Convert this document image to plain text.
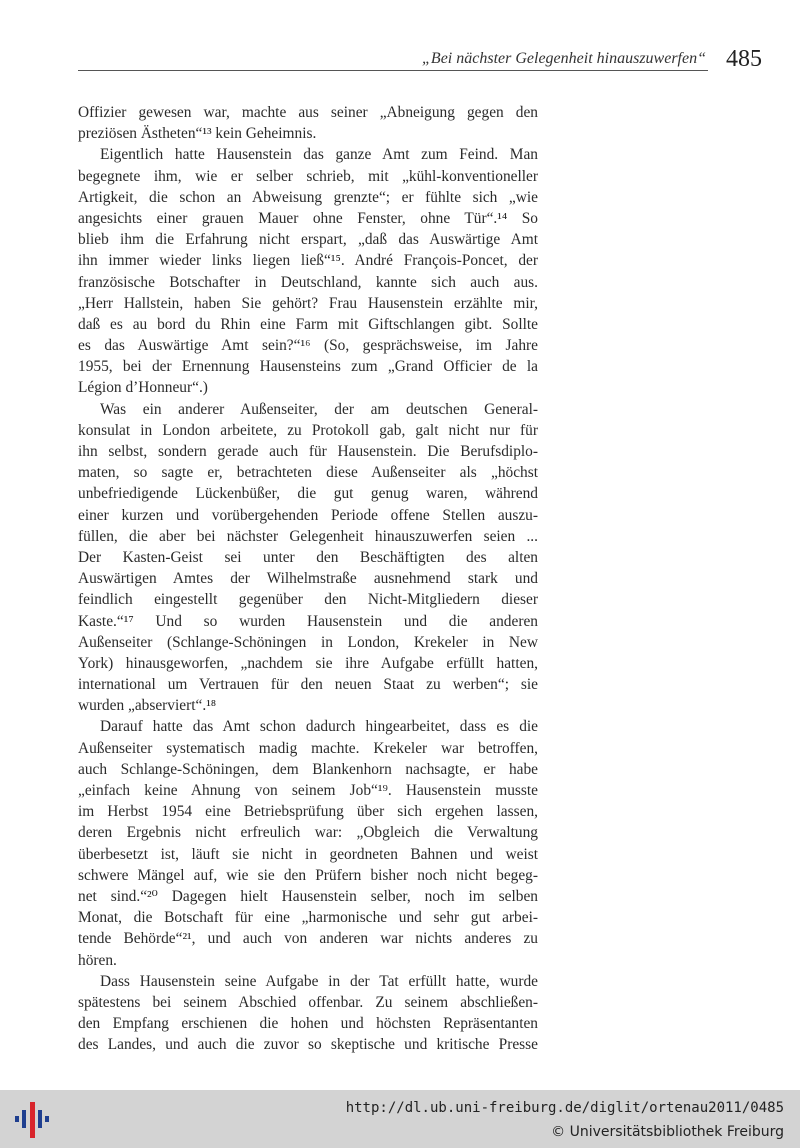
„Bei nächster Gelegenheit hinauszuwerfen“ 485
Offizier gewesen war, machte aus seiner „Abneigung gegen den
preziösen Ästheten“¹³ kein Geheimnis.
Eigentlich hatte Hausenstein das ganze Amt zum Feind. Man
begegnete ihm, wie er selber schrieb, mit „kühl-konventioneller
Artigkeit, die schon an Abweisung grenzte“; er fühlte sich „wie
angesichts einer grauen Mauer ohne Fenster, ohne Tür“.¹⁴ So
blieb ihm die Erfahrung nicht erspart, „daß das Auswärtige Amt
ihn immer wieder links liegen ließ“¹⁵. André François-Poncet, der
französische Botschafter in Deutschland, kannte sich auch aus.
„Herr Hallstein, haben Sie gehört? Frau Hausenstein erzählte mir,
daß es au bord du Rhin eine Farm mit Giftschlangen gibt. Sollte
es das Auswärtige Amt sein?“¹⁶ (So, gesprächsweise, im Jahre
1955, bei der Ernennung Hausensteins zum „Grand Officier de la
Légion d’Honneur“.)
Was ein anderer Außenseiter, der am deutschen General-
konsulat in London arbeitete, zu Protokoll gab, galt nicht nur für
ihn selbst, sondern gerade auch für Hausenstein. Die Berufsdiplo-
maten, so sagte er, betrachteten diese Außenseiter als „höchst
unbefriedigende Lückenbüßer, die gut genug waren, während
einer kurzen und vorübergehenden Periode offene Stellen auszu-
füllen, die aber bei nächster Gelegenheit hinauszuwerfen seien ...
Der Kasten-Geist sei unter den Beschäftigten des alten
Auswärtigen Amtes der Wilhelmstraße ausnehmend stark und
feindlich eingestellt gegenüber den Nicht-Mitgliedern dieser
Kaste.“¹⁷ Und so wurden Hausenstein und die anderen
Außenseiter (Schlange-Schöningen in London, Krekeler in New
York) hinausgeworfen, „nachdem sie ihre Aufgabe erfüllt hatten,
international um Vertrauen für den neuen Staat zu werben“; sie
wurden „abserviert“.¹⁸
Darauf hatte das Amt schon dadurch hingearbeitet, dass es die
Außenseiter systematisch madig machte. Krekeler war betroffen,
auch Schlange-Schöningen, dem Blankenhorn nachsagte, er habe
„einfach keine Ahnung von seinem Job“¹⁹. Hausenstein musste
im Herbst 1954 eine Betriebsprüfung über sich ergehen lassen,
deren Ergebnis nicht erfreulich war: „Obgleich die Verwaltung
überbesetzt ist, läuft sie nicht in geordneten Bahnen und weist
schwere Mängel auf, wie sie den Prüfern bisher noch nicht begeg-
net sind.“²⁰ Dagegen hielt Hausenstein selber, noch im selben
Monat, die Botschaft für eine „harmonische und sehr gut arbei-
tende Behörde“²¹, und auch von anderen war nichts anderes zu
hören.
Dass Hausenstein seine Aufgabe in der Tat erfüllt hatte, wurde
spätestens bei seinem Abschied offenbar. Zu seinem abschließen-
den Empfang erschienen die hohen und höchsten Repräsentanten
des Landes, und auch die zuvor so skeptische und kritische Presse
http://dl.ub.uni-freiburg.de/diglit/ortenau2011/0485
© Universitätsbibliothek Freiburg
